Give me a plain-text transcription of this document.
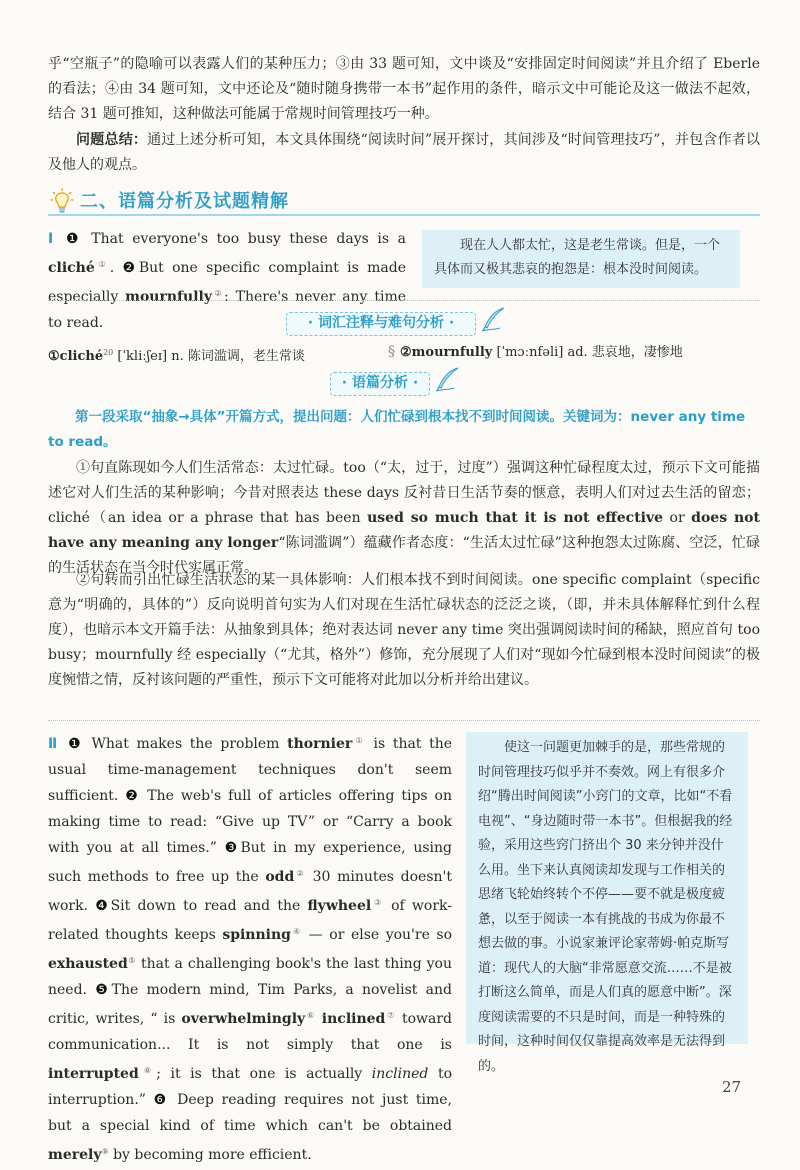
乎“空瓶子”的隐喻可以表露人们的某种压力；③由 33 题可知，文中谈及“安排固定时间阅读”并且介绍了 Eberle 的看法；④由 34 题可知，文中还论及“随时随身携带一本书”起作用的条件，暗示文中可能论及这一做法不起效，结合 31 题可推知，这种做法可能属于常规时间管理技巧一种。
问题总结：通过上述分析可知，本文具体围绕“阅读时间”展开探讨，其间涉及“时间管理技巧”，并包含作者以及他人的观点。
二、语篇分析及试题精解
Ⅰ ❶ That everyone's too busy these days is a cliché①. ❷But one specific complaint is made especially mournfully②: There's never any time to read.
现在人人都太忙，这是老生常谈。但是，一个具体而又极其悲哀的抱怨是：根本没时间阅读。
· 词汇注释与难句分析 ·
①cliché$^{20}$ [ˈkliːʃeɪ] n. 陈词滥调，老生常谈	§ ②mournfully [ˈmɔːnfəli] ad. 悲哀地，凄惨地
· 语篇分析 ·
第一段采取“抽象→具体”开篇方式，提出问题：人们忙碌到根本找不到时间阅读。关键词为：never any time to read。
①句直陈现如今人们生活常态：太过忙碌。too（“太，过于，过度”）强调这种忙碌程度太过，预示下文可能描述它对人们生活的某种影响；今昔对照表达 these days 反衬昔日生活节奏的惬意，表明人们对过去生活的留恋；cliché（an idea or a phrase that has been used so much that it is not effective or does not have any meaning any longer“陈词滥调”）蕴藏作者态度：“生活太过忙碌”这种抱怨太过陈腐、空泛，忙碌的生活状态在当今时代实属正常。
②句转而引出忙碌生活状态的某一具体影响：人们根本找不到时间阅读。one specific complaint（specific 意为“明确的，具体的”）反向说明首句实为人们对现在生活忙碌状态的泛泛之谈，（即，并未具体解释忙到什么程度），也暗示本文开篇手法：从抽象到具体；绝对表达词 never any time 突出强调阅读时间的稀缺，照应首句 too busy；mournfully 经 especially（“尤其，格外”）修饰，充分展现了人们对“现如今忙碌到根本没时间阅读”的极度惋惜之情，反衬该问题的严重性，预示下文可能将对此加以分析并给出建议。
Ⅱ ❶ What makes the problem thornier① is that the usual time-management techniques don't seem sufficient. ❷ The web's full of articles offering tips on making time to read: “Give up TV” or “Carry a book with you at all times.” ❸But in my experience, using such methods to free up the odd② 30 minutes doesn't work. ❹Sit down to read and the flywheel③ of work-related thoughts keeps spinning④ — or else you're so exhausted⑤ that a challenging book's the last thing you need. ❺The modern mind, Tim Parks, a novelist and critic, writes, “ is overwhelmingly⑥ inclined⑦ toward communication... It is not simply that one is interrupted⑧; it is that one is actually inclined to interruption.” ❻ Deep reading requires not just time, but a special kind of time which can't be obtained merely⑨ by becoming more efficient.
使这一问题更加棘手的是，那些常规的时间管理技巧似乎并不奏效。网上有很多介绍“腾出时间阅读”小窍门的文章，比如“不看电视”、“身边随时带一本书”。但根据我的经验，采用这些窍门挤出个 30 来分钟并没什么用。坐下来认真阅读却发现与工作相关的思绪飞轮始终转个不停——要不就是极度疲惫，以至于阅读一本有挑战的书成为你最不想去做的事。小说家兼评论家蒂姆·帕克斯写道：现代人的大脑“非常愿意交流……不是被打断这么简单，而是人们真的愿意中断”。深度阅读需要的不只是时间，而是一种特殊的时间，这种时间仅仅靠提高效率是无法得到的。
27
